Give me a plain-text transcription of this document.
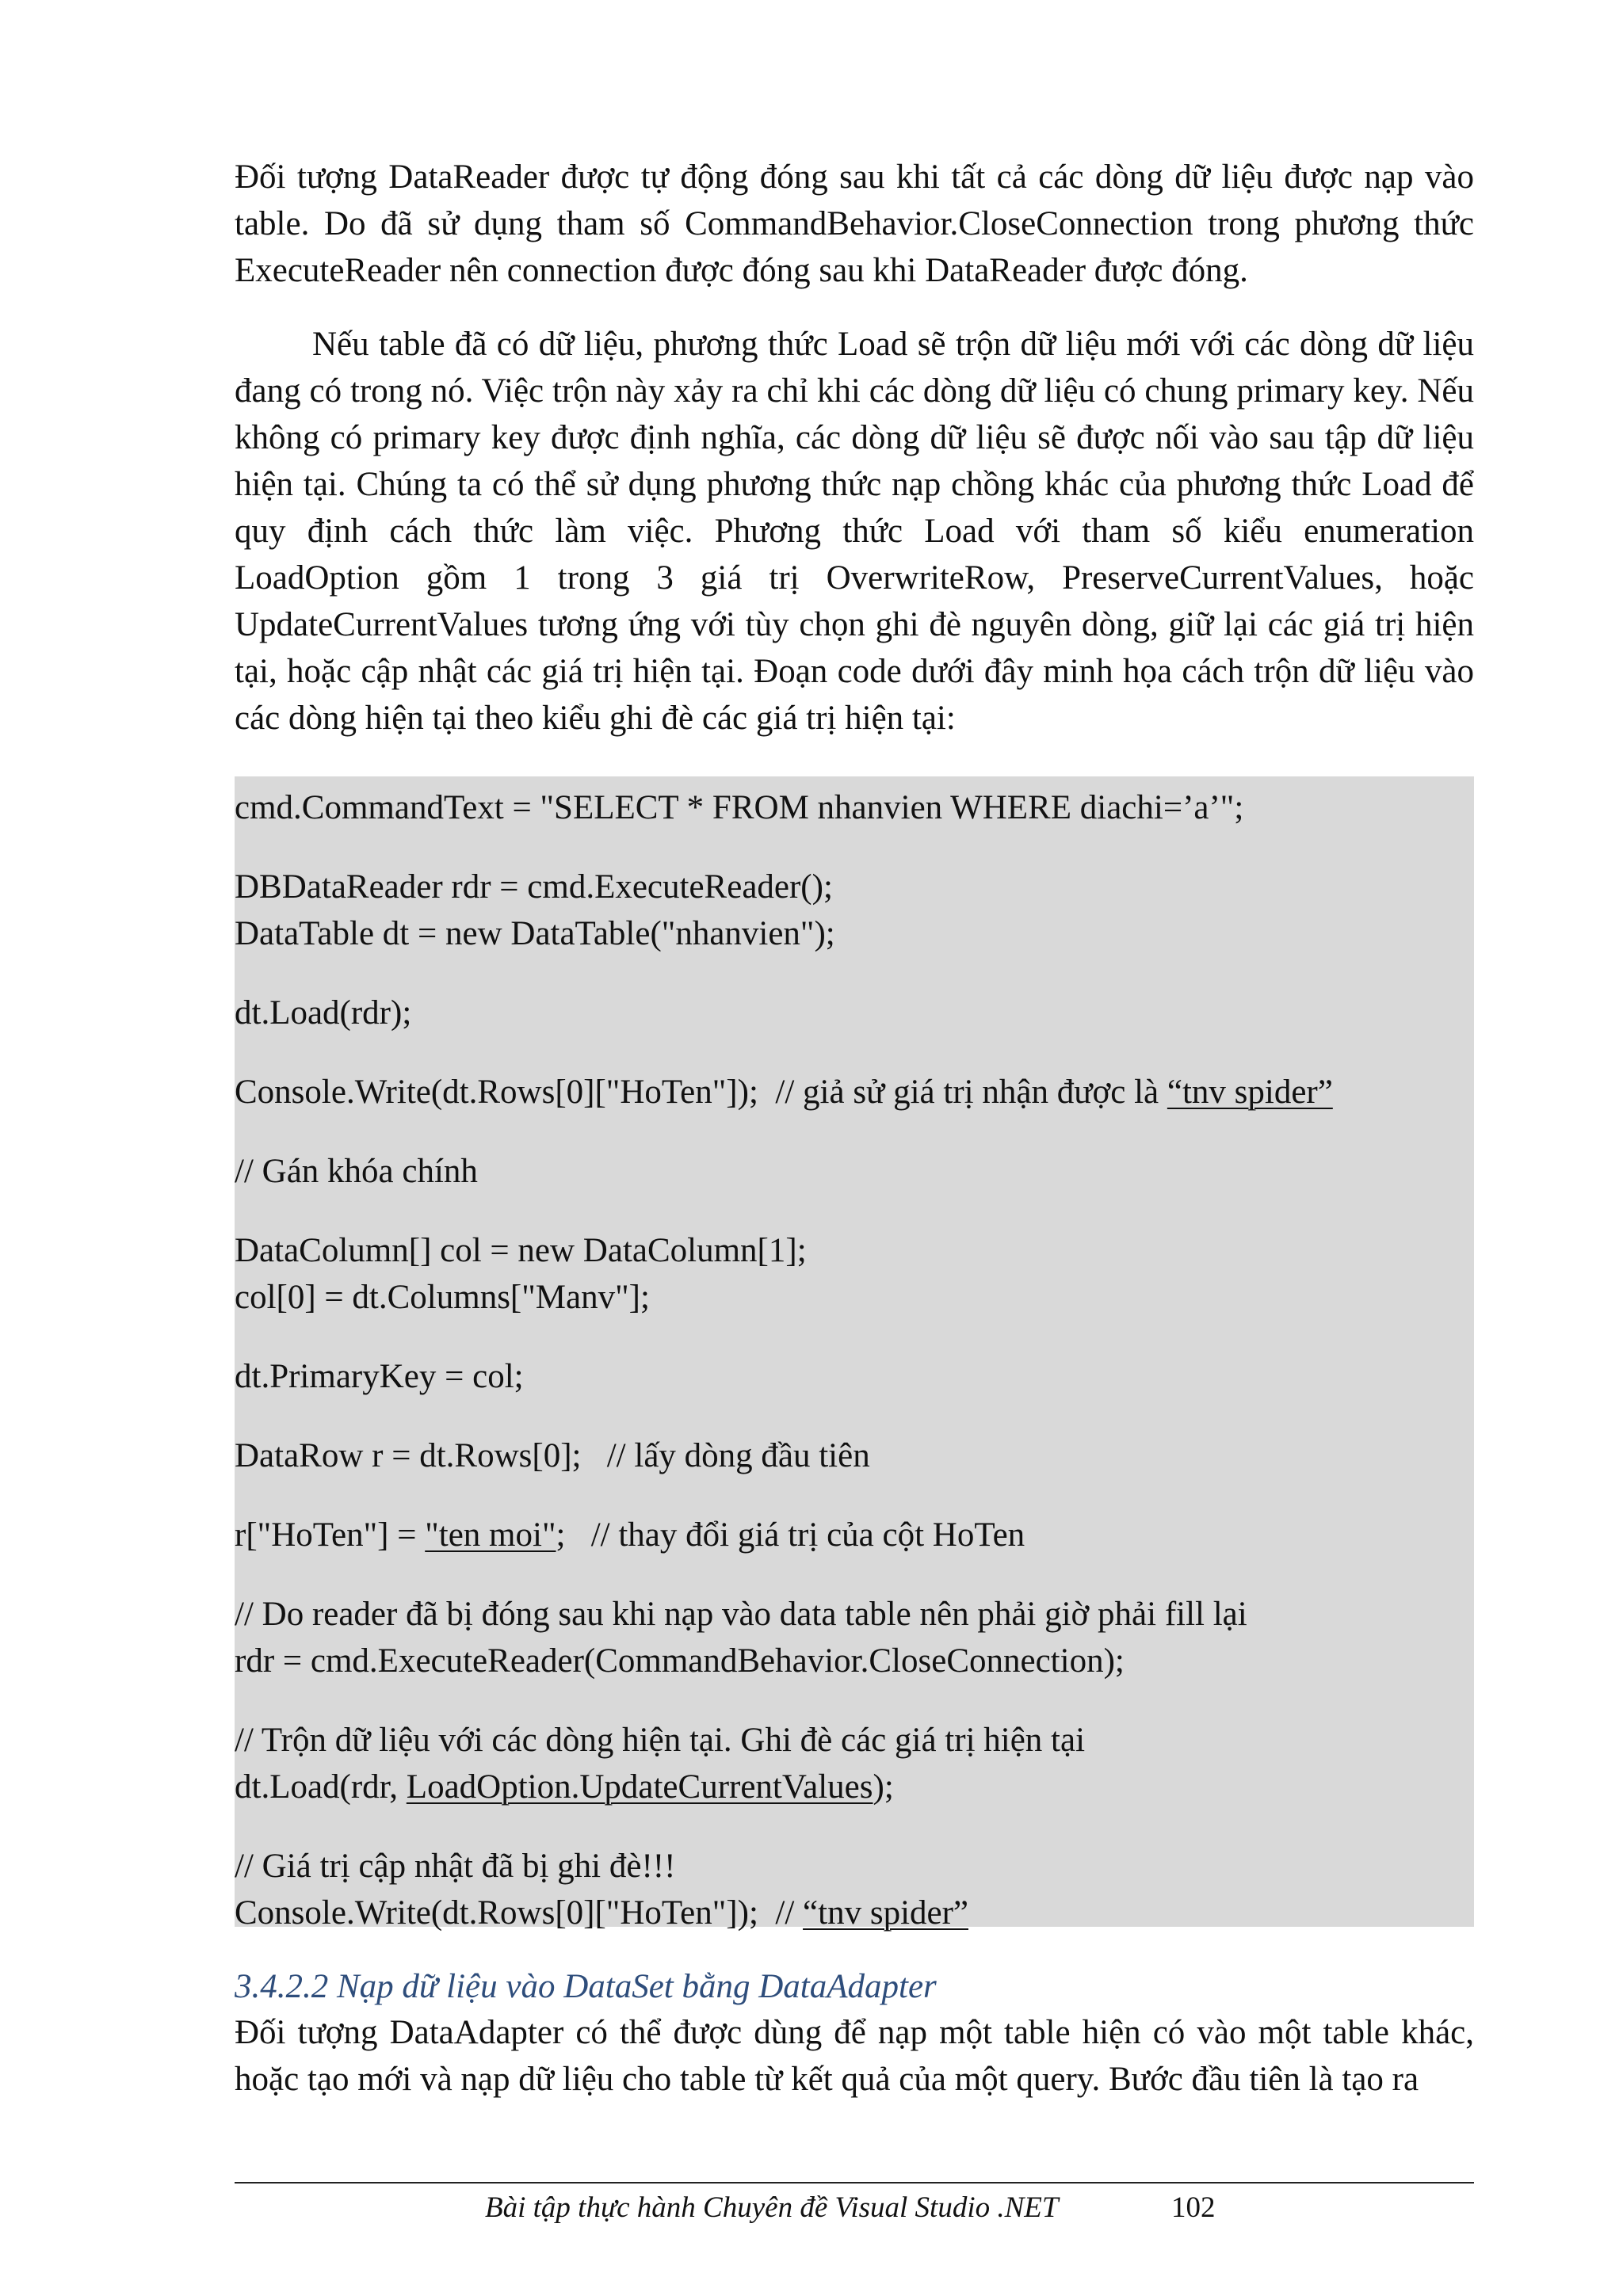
Đối tượng DataReader được tự động đóng sau khi tất cả các dòng dữ liệu được nạp vào table. Do đã sử dụng tham số CommandBehavior.CloseConnection trong phương thức ExecuteReader nên connection được đóng sau khi DataReader được đóng.

Nếu table đã có dữ liệu, phương thức Load sẽ trộn dữ liệu mới với các dòng dữ liệu đang có trong nó. Việc trộn này xảy ra chỉ khi các dòng dữ liệu có chung primary key. Nếu không có primary key được định nghĩa, các dòng dữ liệu sẽ được nối vào sau tập dữ liệu hiện tại. Chúng ta có thể sử dụng phương thức nạp chồng khác của phương thức Load để quy định cách thức làm việc. Phương thức Load với tham số kiểu enumeration LoadOption gồm 1 trong 3 giá trị OverwriteRow, PreserveCurrentValues, hoặc UpdateCurrentValues tương ứng với tùy chọn ghi đè nguyên dòng, giữ lại các giá trị hiện tại, hoặc cập nhật các giá trị hiện tại. Đoạn code dưới đây minh họa cách trộn dữ liệu vào các dòng hiện tại theo kiểu ghi đè các giá trị hiện tại:

cmd.CommandText = "SELECT * FROM nhanvien WHERE diachi=’a’";
DBDataReader rdr = cmd.ExecuteReader();
DataTable dt = new DataTable("nhanvien");
dt.Load(rdr);
Console.Write(dt.Rows[0]["HoTen"]);  // giả sử giá trị nhận được là “tnv spider”
// Gán khóa chính
DataColumn[] col = new DataColumn[1];
col[0] = dt.Columns["Manv"];
dt.PrimaryKey = col;
DataRow r = dt.Rows[0];   // lấy dòng đầu tiên
r["HoTen"] = "ten moi";   // thay đổi giá trị của cột HoTen
// Do reader đã bị đóng sau khi nạp vào data table nên phải giờ phải fill lại
rdr = cmd.ExecuteReader(CommandBehavior.CloseConnection);
// Trộn dữ liệu với các dòng hiện tại. Ghi đè các giá trị hiện tại
dt.Load(rdr, LoadOption.UpdateCurrentValues);
// Giá trị cập nhật đã bị ghi đè!!!
Console.Write(dt.Rows[0]["HoTen"]);  // “tnv spider”
3.4.2.2 Nạp dữ liệu vào DataSet bằng DataAdapter

Đối tượng DataAdapter có thể được dùng để nạp một table hiện có vào một table khác, hoặc tạo mới và nạp dữ liệu cho table từ kết quả của một query. Bước đầu tiên là tạo ra

Bài tập thực hành Chuyên đề Visual Studio .NET	102
